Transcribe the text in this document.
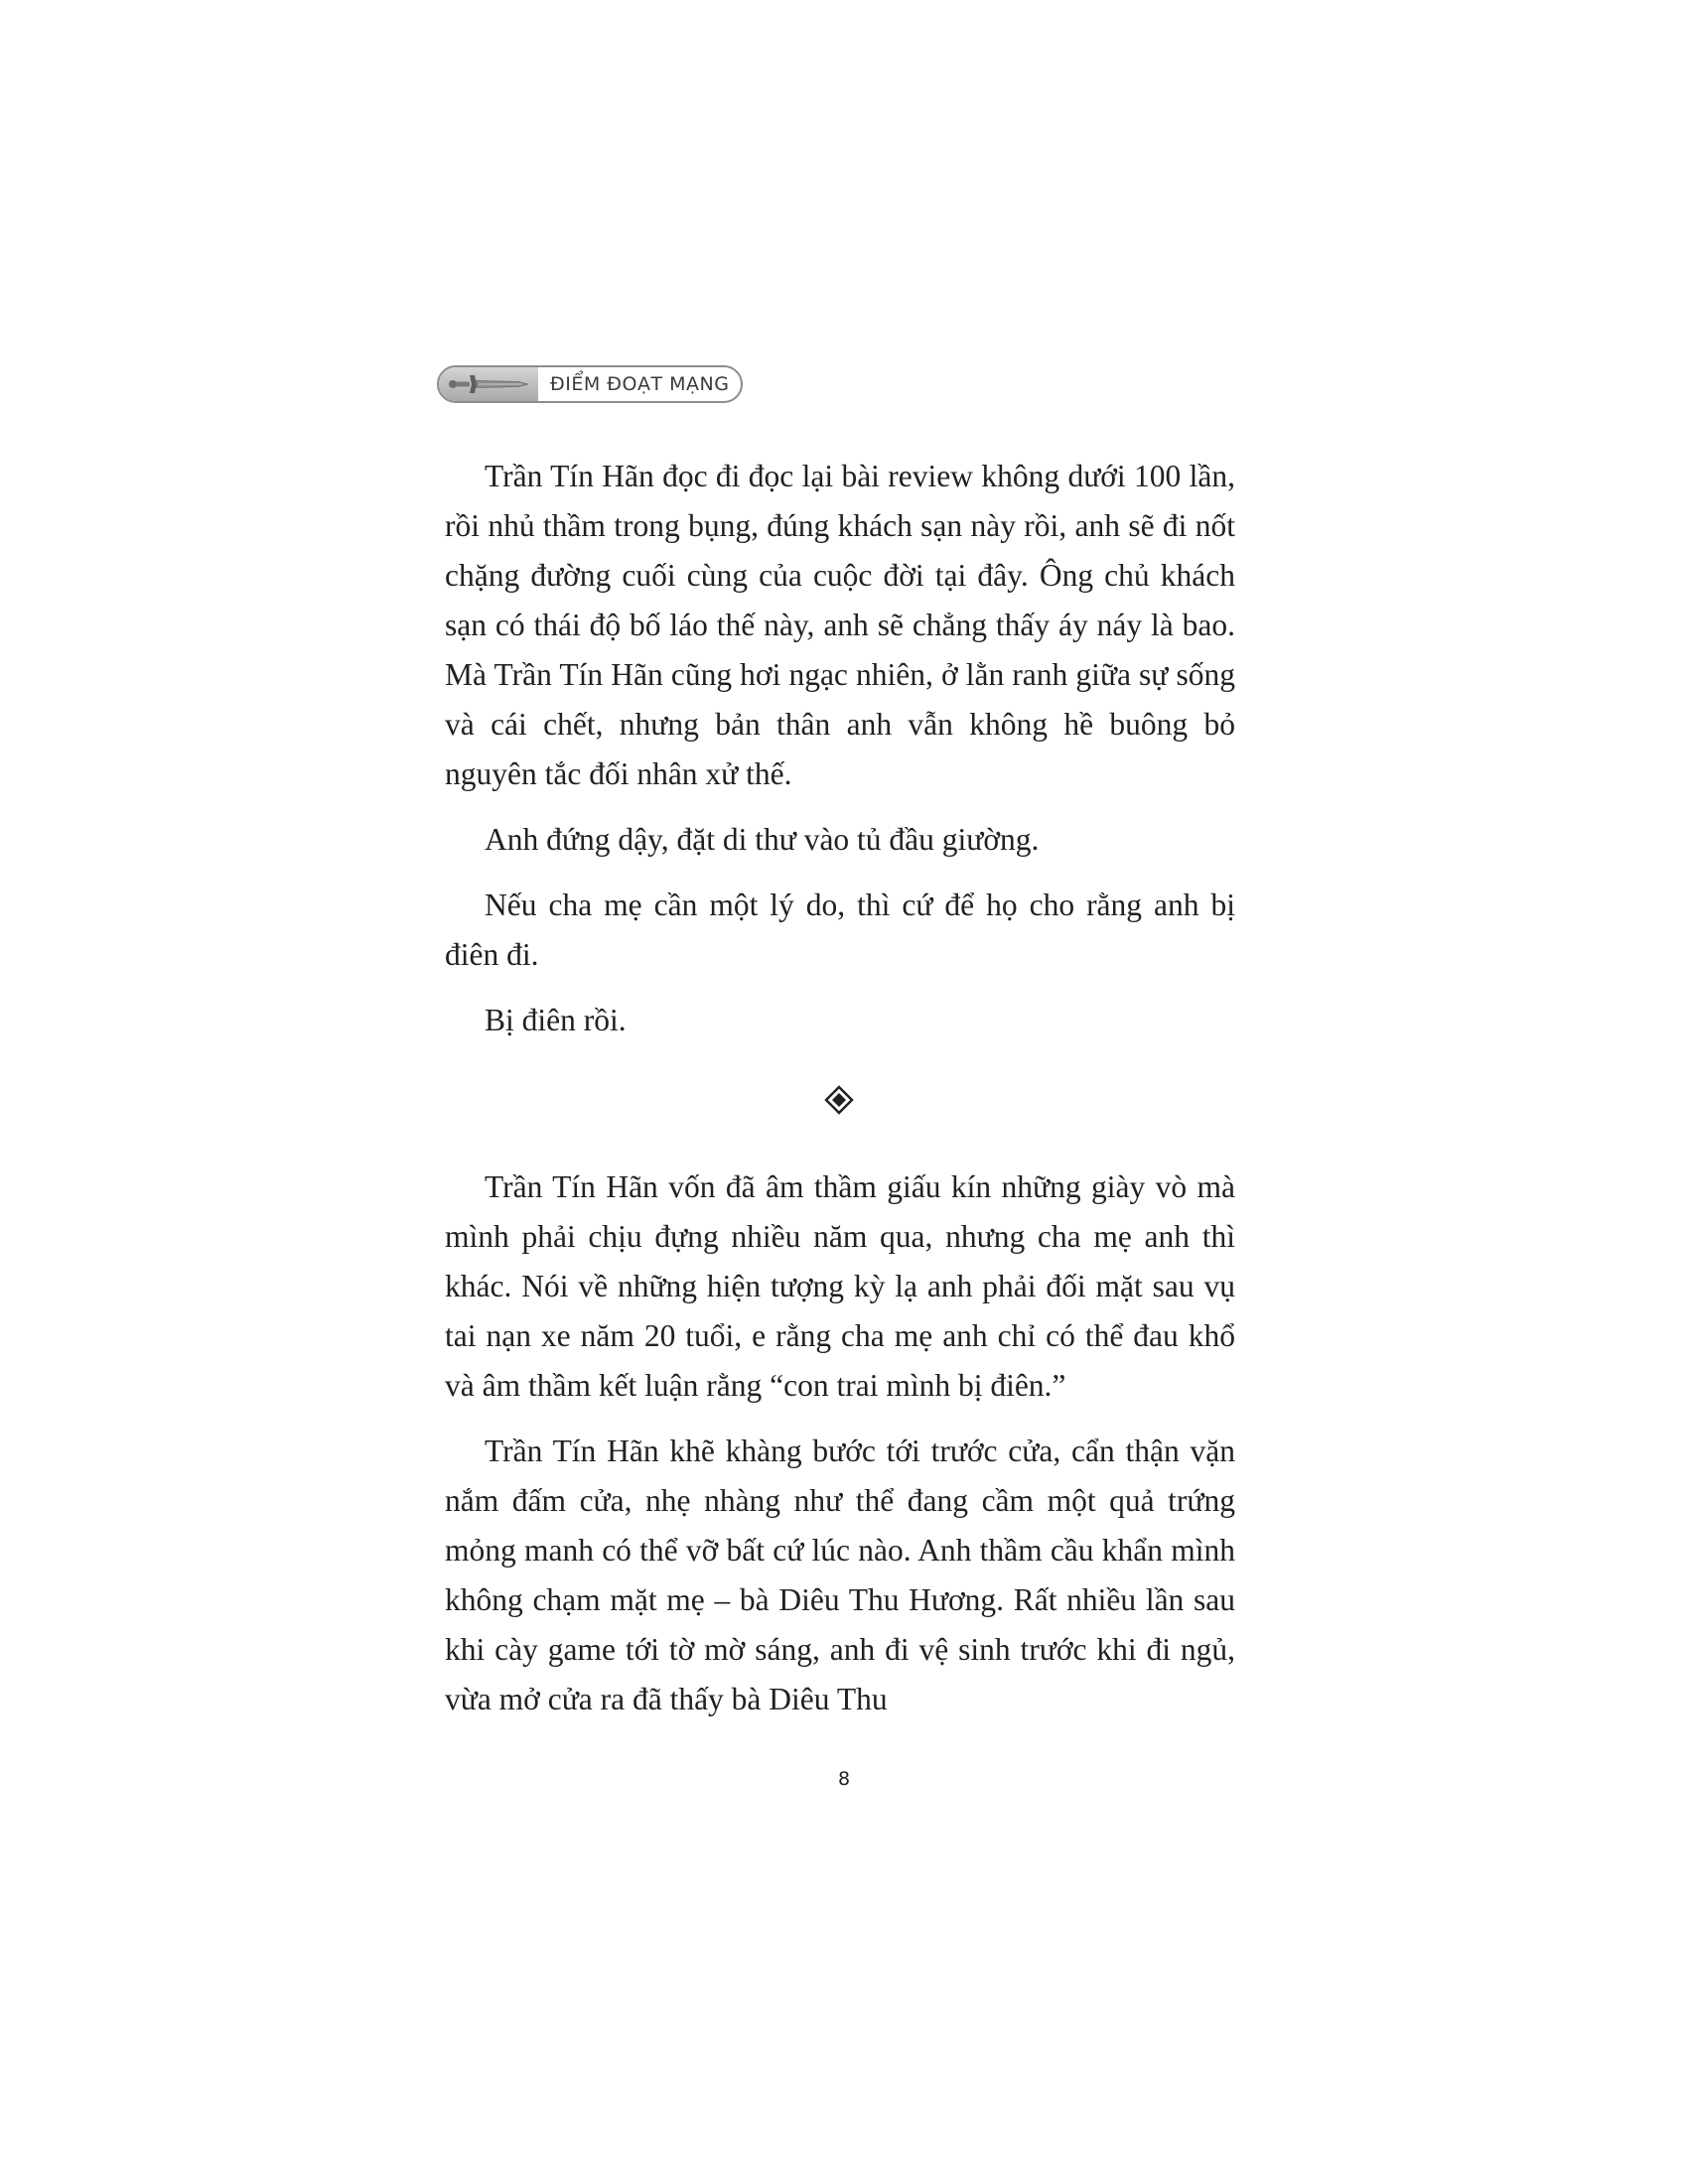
ĐIỂM ĐOẠT MẠNG

Trần Tín Hãn đọc đi đọc lại bài review không dưới 100 lần, rồi nhủ thầm trong bụng, đúng khách sạn này rồi, anh sẽ đi nốt chặng đường cuối cùng của cuộc đời tại đây. Ông chủ khách sạn có thái độ bố láo thế này, anh sẽ chẳng thấy áy náy là bao. Mà Trần Tín Hãn cũng hơi ngạc nhiên, ở lằn ranh giữa sự sống và cái chết, nhưng bản thân anh vẫn không hề buông bỏ nguyên tắc đối nhân xử thế.

Anh đứng dậy, đặt di thư vào tủ đầu giường.

Nếu cha mẹ cần một lý do, thì cứ để họ cho rằng anh bị điên đi.

Bị điên rồi.

Trần Tín Hãn vốn đã âm thầm giấu kín những giày vò mà mình phải chịu đựng nhiều năm qua, nhưng cha mẹ anh thì khác. Nói về những hiện tượng kỳ lạ anh phải đối mặt sau vụ tai nạn xe năm 20 tuổi, e rằng cha mẹ anh chỉ có thể đau khổ và âm thầm kết luận rằng “con trai mình bị điên.”

Trần Tín Hãn khẽ khàng bước tới trước cửa, cẩn thận vặn nắm đấm cửa, nhẹ nhàng như thể đang cầm một quả trứng mỏng manh có thể vỡ bất cứ lúc nào. Anh thầm cầu khẩn mình không chạm mặt mẹ – bà Diêu Thu Hương. Rất nhiều lần sau khi cày game tới tờ mờ sáng, anh đi vệ sinh trước khi đi ngủ, vừa mở cửa ra đã thấy bà Diêu Thu

8
